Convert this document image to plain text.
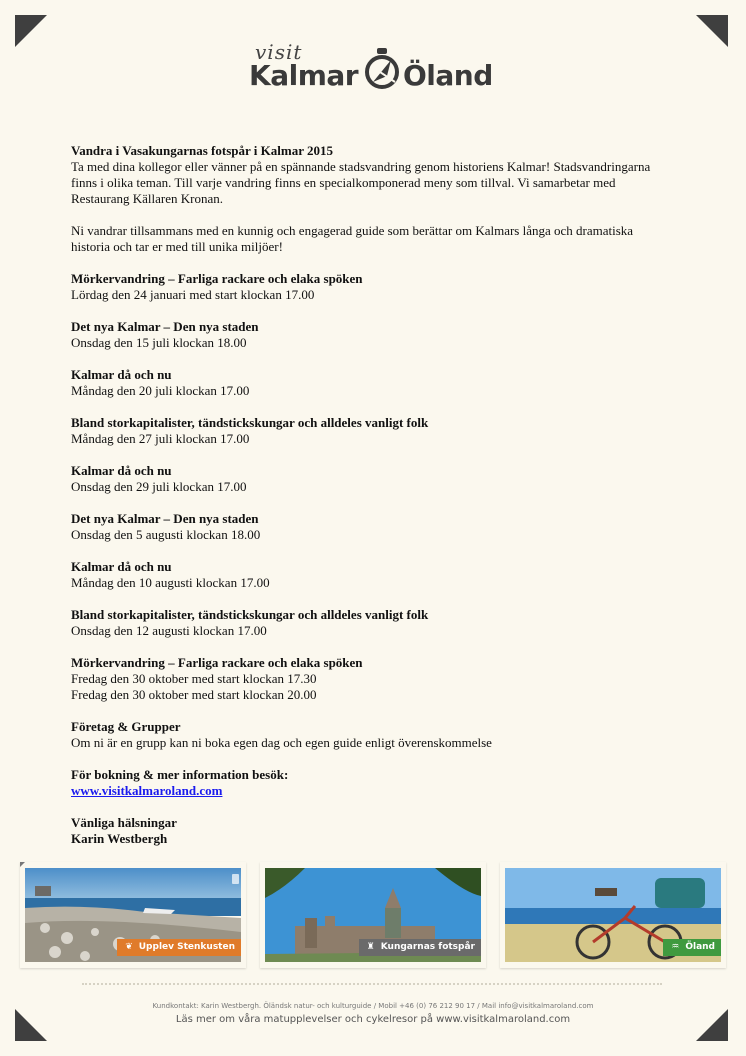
visit
Kalmar Öland

Vandra i Vasakungarnas fotspår i Kalmar 2015

Ta med dina kollegor eller vänner på en spännande stadsvandring genom historiens Kalmar! Stadsvandringarna finns i olika teman. Till varje vandring finns en specialkomponerad meny som tillval. Vi samarbetar med Restaurang Källaren Kronan.

Ni vandrar tillsammans med en kunnig och engagerad guide som berättar om Kalmars långa och dramatiska historia och tar er med till unika miljöer!

Mörkervandring – Farliga rackare och elaka spöken

Lördag den 24 januari med start klockan 17.00

Det nya Kalmar – Den nya staden

Onsdag den 15 juli klockan 18.00

Kalmar då och nu

Måndag den 20 juli klockan 17.00

Bland storkapitalister, tändstickskungar och alldeles vanligt folk

Måndag den 27 juli klockan 17.00

Kalmar då och nu

Onsdag den 29 juli klockan 17.00

Det nya Kalmar – Den nya staden

Onsdag den 5 augusti klockan 18.00

Kalmar då och nu

Måndag den 10 augusti klockan 17.00

Bland storkapitalister, tändstickskungar och alldeles vanligt folk

Onsdag den 12 augusti klockan 17.00

Mörkervandring – Farliga rackare och elaka spöken

Fredag den 30 oktober med start klockan 17.30

Fredag den 30 oktober med start klockan 20.00

Företag & Grupper

Om ni är en grupp kan ni boka egen dag och egen guide enligt överenskommelse

För bokning & mer information besök:

www.visitkalmaroland.com

Vänliga hälsningar

Karin Westbergh

❦ Upplev Stenkusten	♜ Kungarnas fotspår	♒ Öland
Kundkontakt: Karin Westbergh. Öländsk natur- och kulturguide / Mobil +46 (0) 76 212 90 17 / Mail info@visitkalmaroland.com
Läs mer om våra matupplevelser och cykelresor på www.visitkalmaroland.com
